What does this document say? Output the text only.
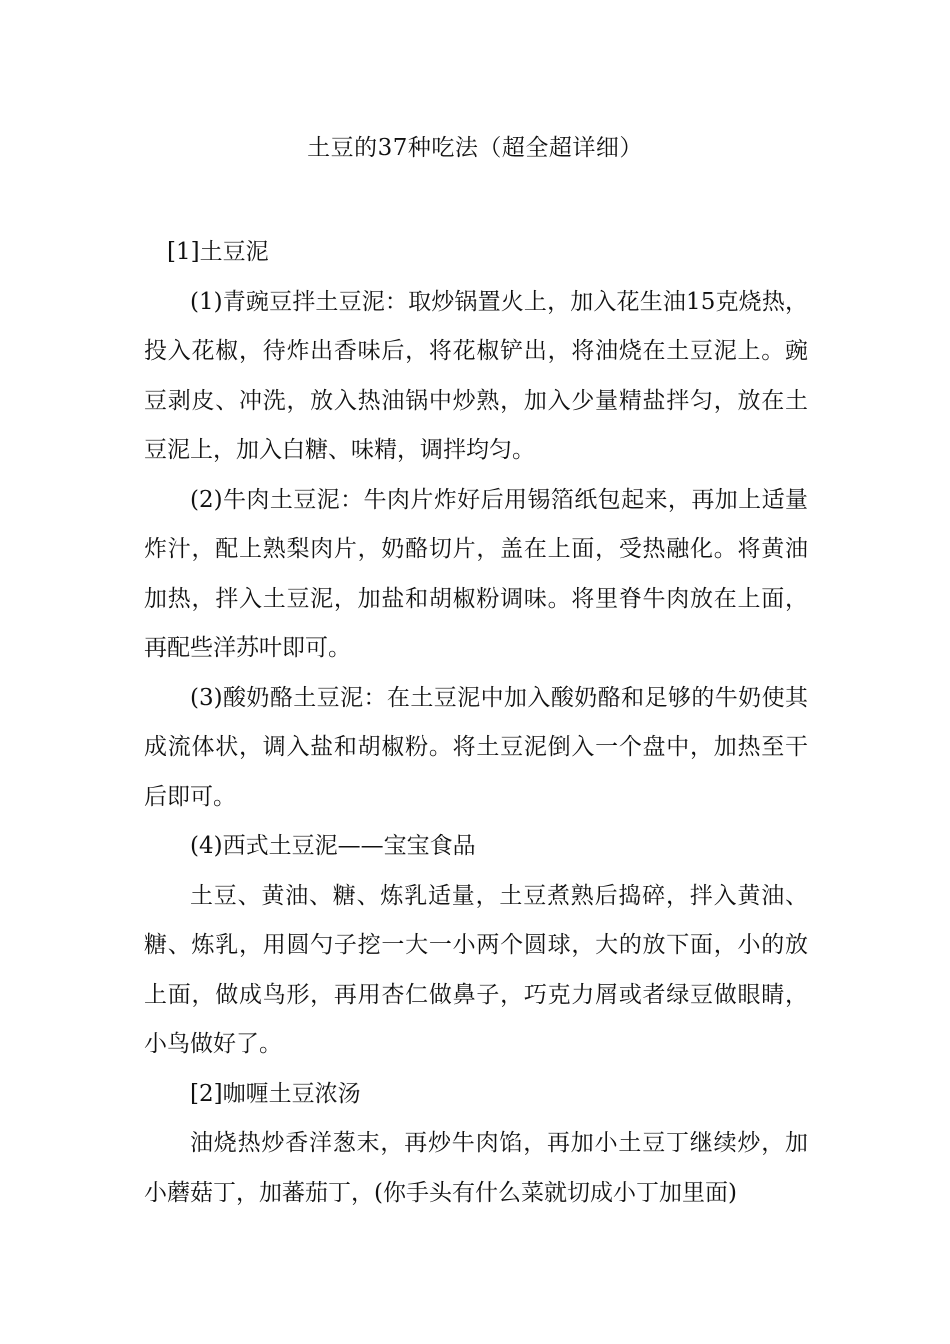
土豆的37种吃法（超全超详细）

[1]土豆泥

(1)青豌豆拌土豆泥：取炒锅置火上，加入花生油15克烧热，投入花椒，待炸出香味后，将花椒铲出，将油烧在土豆泥上。豌豆剥皮、冲洗，放入热油锅中炒熟，加入少量精盐拌匀，放在土豆泥上，加入白糖、味精，调拌均匀。

(2)牛肉土豆泥：牛肉片炸好后用锡箔纸包起来，再加上适量炸汁，配上熟梨肉片，奶酪切片，盖在上面，受热融化。将黄油加热，拌入土豆泥，加盐和胡椒粉调味。将里脊牛肉放在上面，再配些洋苏叶即可。

(3)酸奶酪土豆泥：在土豆泥中加入酸奶酪和足够的牛奶使其成流体状，调入盐和胡椒粉。将土豆泥倒入一个盘中，加热至干后即可。

(4)西式土豆泥——宝宝食品

土豆、黄油、糖、炼乳适量，土豆煮熟后捣碎，拌入黄油、糖、炼乳，用圆勺子挖一大一小两个圆球，大的放下面，小的放上面，做成鸟形，再用杏仁做鼻子，巧克力屑或者绿豆做眼睛，小鸟做好了。

[2]咖喱土豆浓汤

油烧热炒香洋葱末，再炒牛肉馅，再加小土豆丁继续炒，加小蘑菇丁，加蕃茄丁，(你手头有什么菜就切成小丁加里面)
